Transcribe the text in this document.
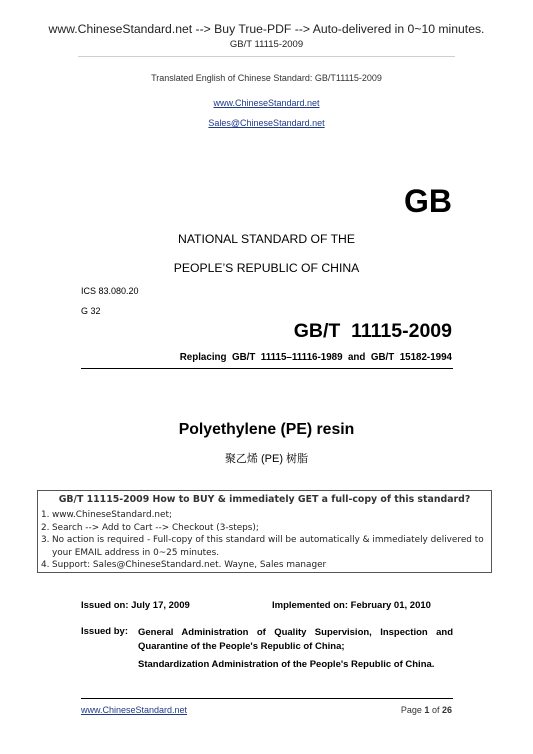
www.ChineseStandard.net --> Buy True-PDF --> Auto-delivered in 0~10 minutes.
GB/T 11115-2009
Translated English of Chinese Standard: GB/T11115-2009
www.ChineseStandard.net
Sales@ChineseStandard.net
GB
NATIONAL STANDARD OF THE
PEOPLE’S REPUBLIC OF CHINA
ICS 83.080.20
G 32
GB/T  11115-2009
Replacing  GB/T  11115–11116-1989  and  GB/T  15182-1994
Polyethylene (PE) resin
聚乙烯 (PE) 树脂
GB/T 11115-2009 How to BUY & immediately GET a full-copy of this standard?
1. www.ChineseStandard.net;
2. Search --> Add to Cart --> Checkout (3-steps);
3. No action is required - Full-copy of this standard will be automatically & immediately delivered to
your EMAIL address in 0~25 minutes.
4. Support: Sales@ChineseStandard.net. Wayne, Sales manager
Issued on: July 17, 2009	Implemented on: February 01, 2010
Issued by: General Administration of Quality Supervision, Inspection and Quarantine of the People's Republic of China;
Standardization Administration of the People's Republic of China.
www.ChineseStandard.net	Page 1 of 26
